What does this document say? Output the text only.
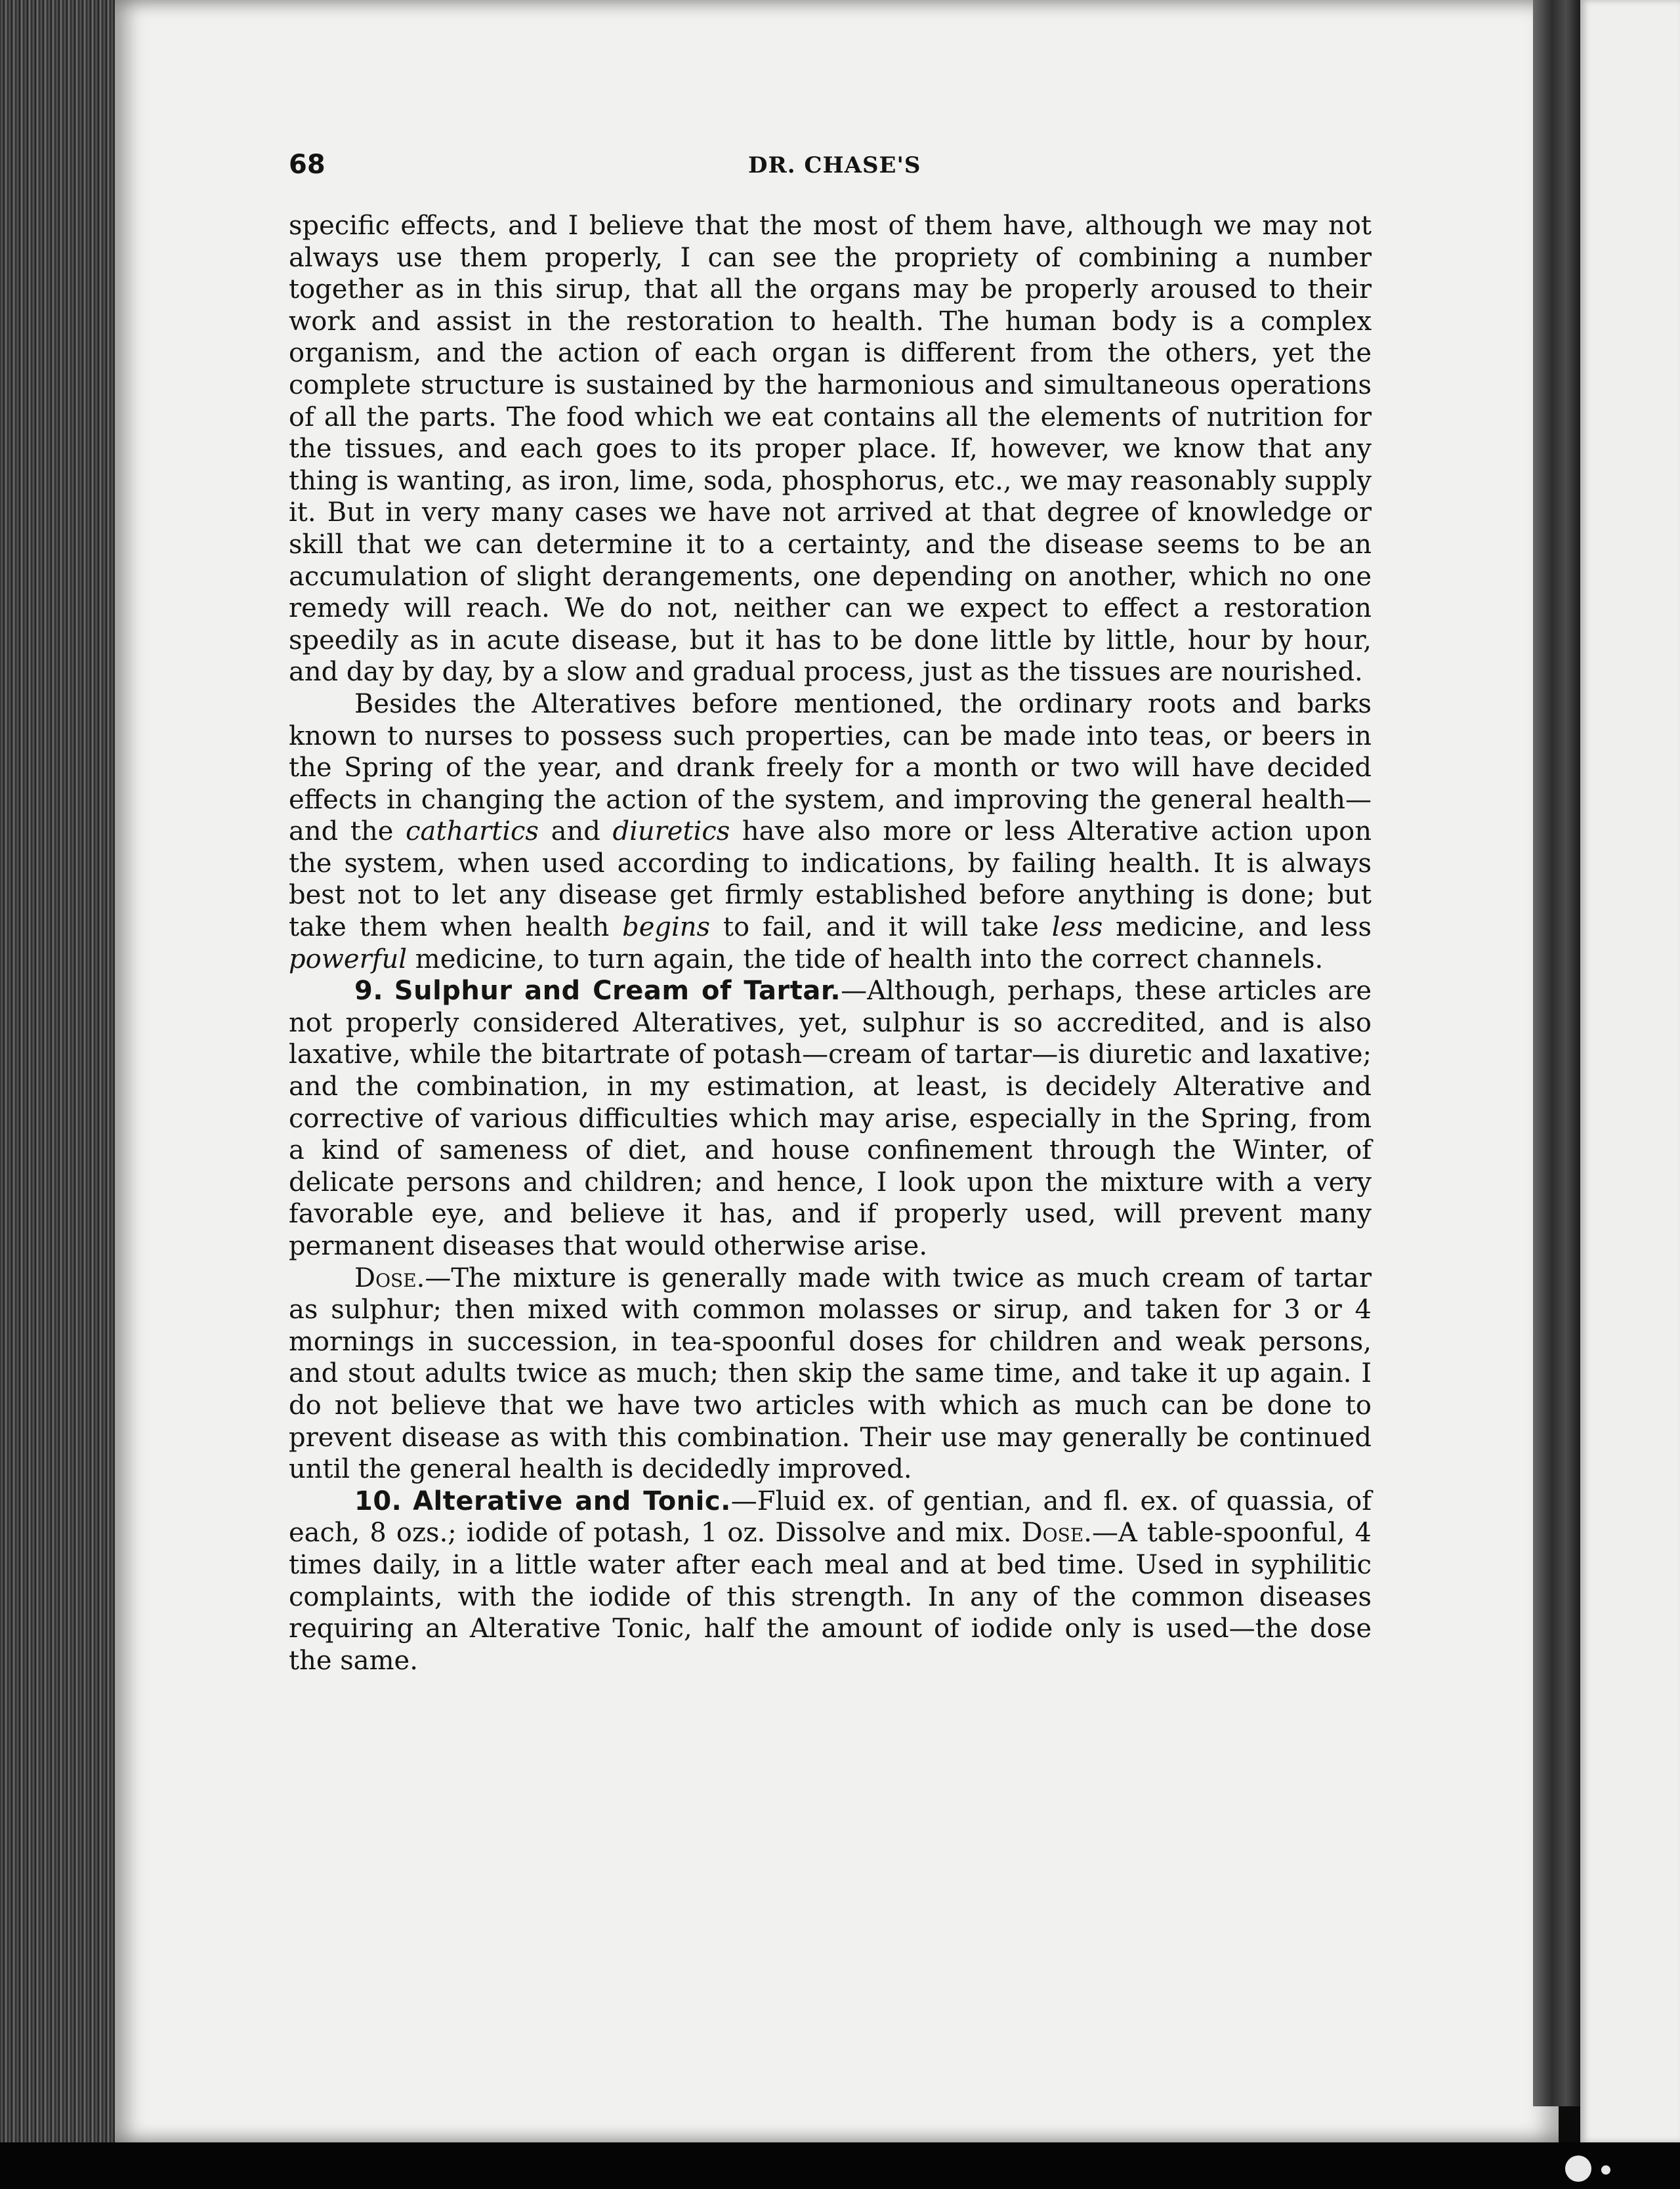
68	DR. CHASE'S

specific effects, and I believe that the most of them have, although we may not always use them properly, I can see the propriety of combining a number together as in this sirup, that all the organs may be properly aroused to their work and assist in the restoration to health. The human body is a complex organism, and the action of each organ is different from the others, yet the complete structure is sustained by the harmonious and simultaneous operations of all the parts. The food which we eat contains all the elements of nutrition for the tissues, and each goes to its proper place. If, however, we know that any thing is wanting, as iron, lime, soda, phosphorus, etc., we may reasonably supply it. But in very many cases we have not arrived at that degree of knowledge or skill that we can determine it to a certainty, and the disease seems to be an accumulation of slight derangements, one depending on another, which no one remedy will reach. We do not, neither can we expect to effect a restoration speedily as in acute disease, but it has to be done little by little, hour by hour, and day by day, by a slow and gradual process, just as the tissues are nourished.

Besides the Alteratives before mentioned, the ordinary roots and barks known to nurses to possess such properties, can be made into teas, or beers in the Spring of the year, and drank freely for a month or two will have decided effects in changing the action of the system, and improving the general health—and the cathartics and diuretics have also more or less Alterative action upon the system, when used according to indications, by failing health. It is always best not to let any disease get firmly established before anything is done; but take them when health begins to fail, and it will take less medicine, and less powerful medicine, to turn again, the tide of health into the correct channels.

9. Sulphur and Cream of Tartar.—Although, perhaps, these articles are not properly considered Alteratives, yet, sulphur is so accredited, and is also laxative, while the bitartrate of potash—cream of tartar—is diuretic and laxative; and the combination, in my estimation, at least, is decidely Alterative and corrective of various difficulties which may arise, especially in the Spring, from a kind of sameness of diet, and house confinement through the Winter, of delicate persons and children; and hence, I look upon the mixture with a very favorable eye, and believe it has, and if properly used, will prevent many permanent diseases that would otherwise arise.

Dose.—The mixture is generally made with twice as much cream of tartar as sulphur; then mixed with common molasses or sirup, and taken for 3 or 4 mornings in succession, in tea-spoonful doses for children and weak persons, and stout adults twice as much; then skip the same time, and take it up again. I do not believe that we have two articles with which as much can be done to prevent disease as with this combination. Their use may generally be continued until the general health is decidedly improved.

10. Alterative and Tonic.—Fluid ex. of gentian, and fl. ex. of quassia, of each, 8 ozs.; iodide of potash, 1 oz. Dissolve and mix. Dose.—A table-spoonful, 4 times daily, in a little water after each meal and at bed time. Used in syphilitic complaints, with the iodide of this strength. In any of the common diseases requiring an Alterative Tonic, half the amount of iodide only is used—the dose the same.
